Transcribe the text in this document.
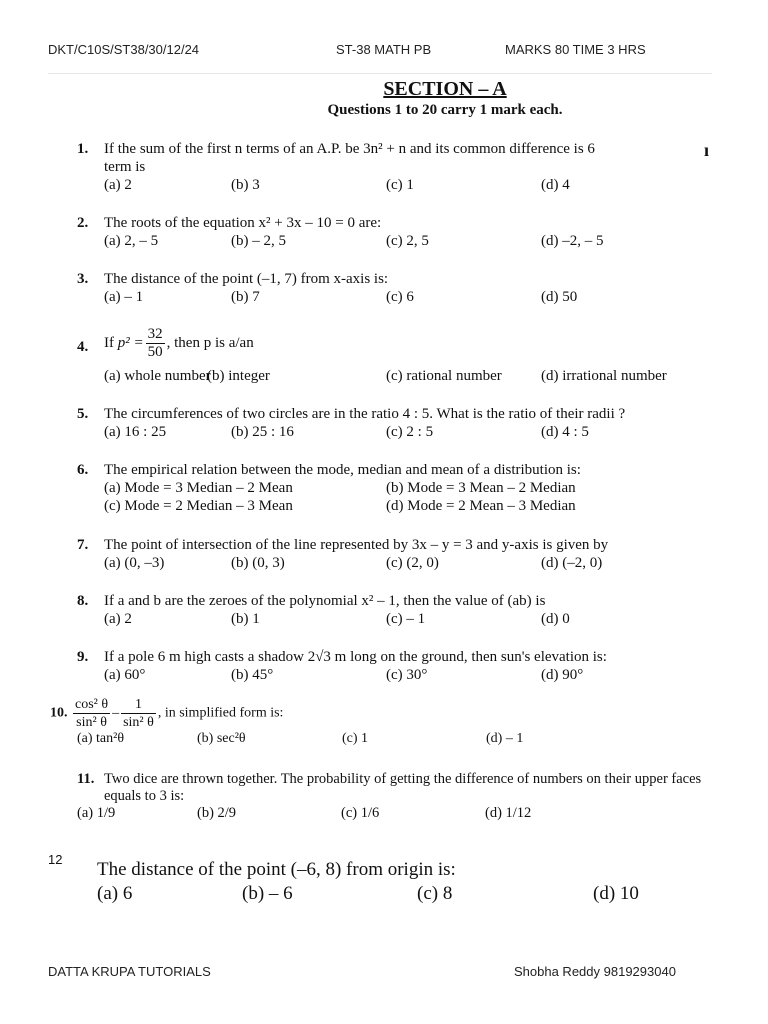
DKT/C10S/ST38/30/12/24	ST-38 MATH PB	MARKS 80 TIME 3 HRS
SECTION – A
Questions 1 to 20 carry 1 mark each.
1. If the sum of the first n terms of an A.P. be 3n² + n and its common difference is 6
term is
(a) 2	(b) 3	(c) 1	(d) 4
ı
2. The roots of the equation x² + 3x – 10 = 0 are:
(a) 2, – 5	(b) – 2, 5	(c) 2, 5	(d) –2, – 5
3. The distance of the point (–1, 7) from x-axis is:
(a) – 1	(b) 7	(c) 6	(d) 50
4. If $p^2 = \frac{32}{50}$ , then p is a/an
(a) whole number
(b) integer	(c) rational number	(d) irrational number
5. The circumferences of two circles are in the ratio 4 : 5. What is the ratio of their radii ?
(a) 16 : 25	(b) 25 : 16	(c) 2 : 5	(d) 4 : 5
6. The empirical relation between the mode, median and mean of a distribution is:
(a) Mode = 3 Median – 2 Mean	(b) Mode = 3 Mean – 2 Median
(c) Mode = 2 Median – 3 Mean	(d) Mode = 2 Mean – 3 Median
7. The point of intersection of the line represented by 3x – y = 3 and y-axis is given by
(a) (0, –3)	(b) (0, 3)	(c) (2, 0)	(d) (–2, 0)
8. If a and b are the zeroes of the polynomial x² – 1, then the value of (ab) is
(a) 2	(b) 1	(c) – 1	(d) 0
9. If a pole 6 m high casts a shadow 2√3 m long on the ground, then sun's elevation is:
(a) 60°	(b) 45°	(c) 30°	(d) 90°
10. $\frac{\text{cos² θ}}{\text{sin² θ}} - \frac{1}{\text{sin² θ}}$ , in simplified form is:
(a) tan²θ	(b) sec²θ	(c) 1	(d) – 1
11. Two dice are thrown together. The probability of getting the difference of numbers on their upper faces equals to 3 is:
(a) 1/9	(b) 2/9	(c) 1/6	(d) 1/12
12 The distance of the point (–6, 8) from origin is:
(a) 6	(b) – 6	(c) 8	(d) 10
DATTA KRUPA TUTORIALS	Shobha Reddy 9819293040
